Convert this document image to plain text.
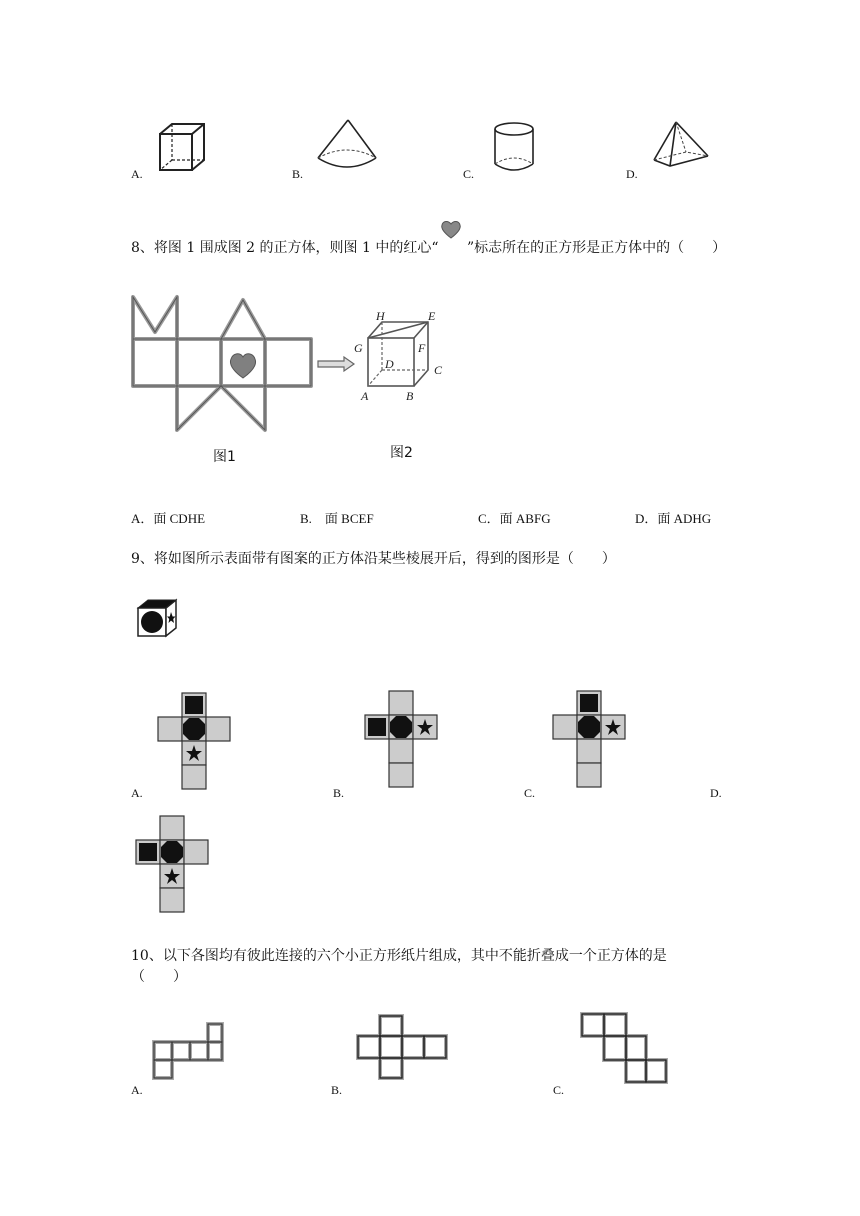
A.	B.	C.	D.
8、将图 1 围成图 2 的正方体，则图 1 中的红心“ ”标志所在的正方形是正方体中的（　　）
图1
H	E
G	F
D	C
A	B
图2
A．面 CDHE	B.　面 BCEF	C．面 ABFG	D．面 ADHG
9、将如图所示表面带有图案的正方体沿某些棱展开后，得到的图形是（　　）
A.	B.	C.	D.
10、以下各图均有彼此连接的六个小正方形纸片组成，其中不能折叠成一个正方体的是
（　　）
A.	B.	C.
